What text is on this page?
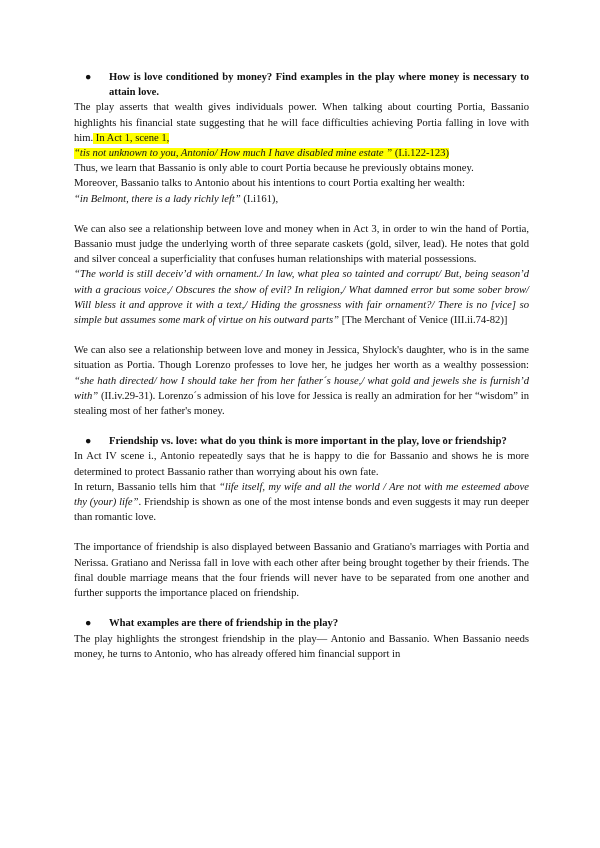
● How is love conditioned by money? Find examples in the play where money is necessary to attain love.

The play asserts that wealth gives individuals power. When talking about courting Portia, Bassanio highlights his financial state suggesting that he will face difficulties achieving Portia falling in love with him. In Act 1, scene 1,

“tis not unknown to you, Antonio/ How much I have disabled mine estate ” (I.i.122-123)

Thus, we learn that Bassanio is only able to court Portia because he previously obtains money.

Moreover, Bassanio talks to Antonio about his intentions to court Portia exalting her wealth:

“in Belmont, there is a lady richly left” (I.i161),

We can also see a relationship between love and money when in Act 3, in order to win the hand of Portia, Bassanio must judge the underlying worth of three separate caskets (gold, silver, lead). He notes that gold and silver conceal a superficiality that confuses human relationships with material possessions.

“The world is still deceiv’d with ornament./ In law, what plea so tainted and corrupt/ But, being season’d with a gracious voice,/ Obscures the show of evil? In religion,/ What damned error but some sober brow/ Will bless it and approve it with a text,/ Hiding the grossness with fair ornament?/ There is no [vice] so simple but assumes some mark of virtue on his outward parts” [The Merchant of Venice (III.ii.74-82)]

We can also see a relationship between love and money in Jessica, Shylock's daughter, who is in the same situation as Portia. Though Lorenzo professes to love her, he judges her worth as a wealthy possession: “she hath directed/ how I should take her from her father´s house,/ what gold and jewels she is furnish’d with” (II.iv.29-31). Lorenzo´s admission of his love for Jessica is really an admiration for her “wisdom” in stealing most of her father's money.

● Friendship vs. love: what do you think is more important in the play, love or friendship?

In Act IV scene i., Antonio repeatedly says that he is happy to die for Bassanio and shows he is more determined to protect Bassanio rather than worrying about his own fate.

In return, Bassanio tells him that “life itself, my wife and all the world / Are not with me esteemed above thy (your) life”. Friendship is shown as one of the most intense bonds and even suggests it may run deeper than romantic love.

The importance of friendship is also displayed between Bassanio and Gratiano's marriages with Portia and Nerissa. Gratiano and Nerissa fall in love with each other after being brought together by their friends. The final double marriage means that the four friends will never have to be separated from one another and further supports the importance placed on friendship.

● What examples are there of friendship in the play?

The play highlights the strongest friendship in the play— Antonio and Bassanio. When Bassanio needs money, he turns to Antonio, who has already offered him financial support in
